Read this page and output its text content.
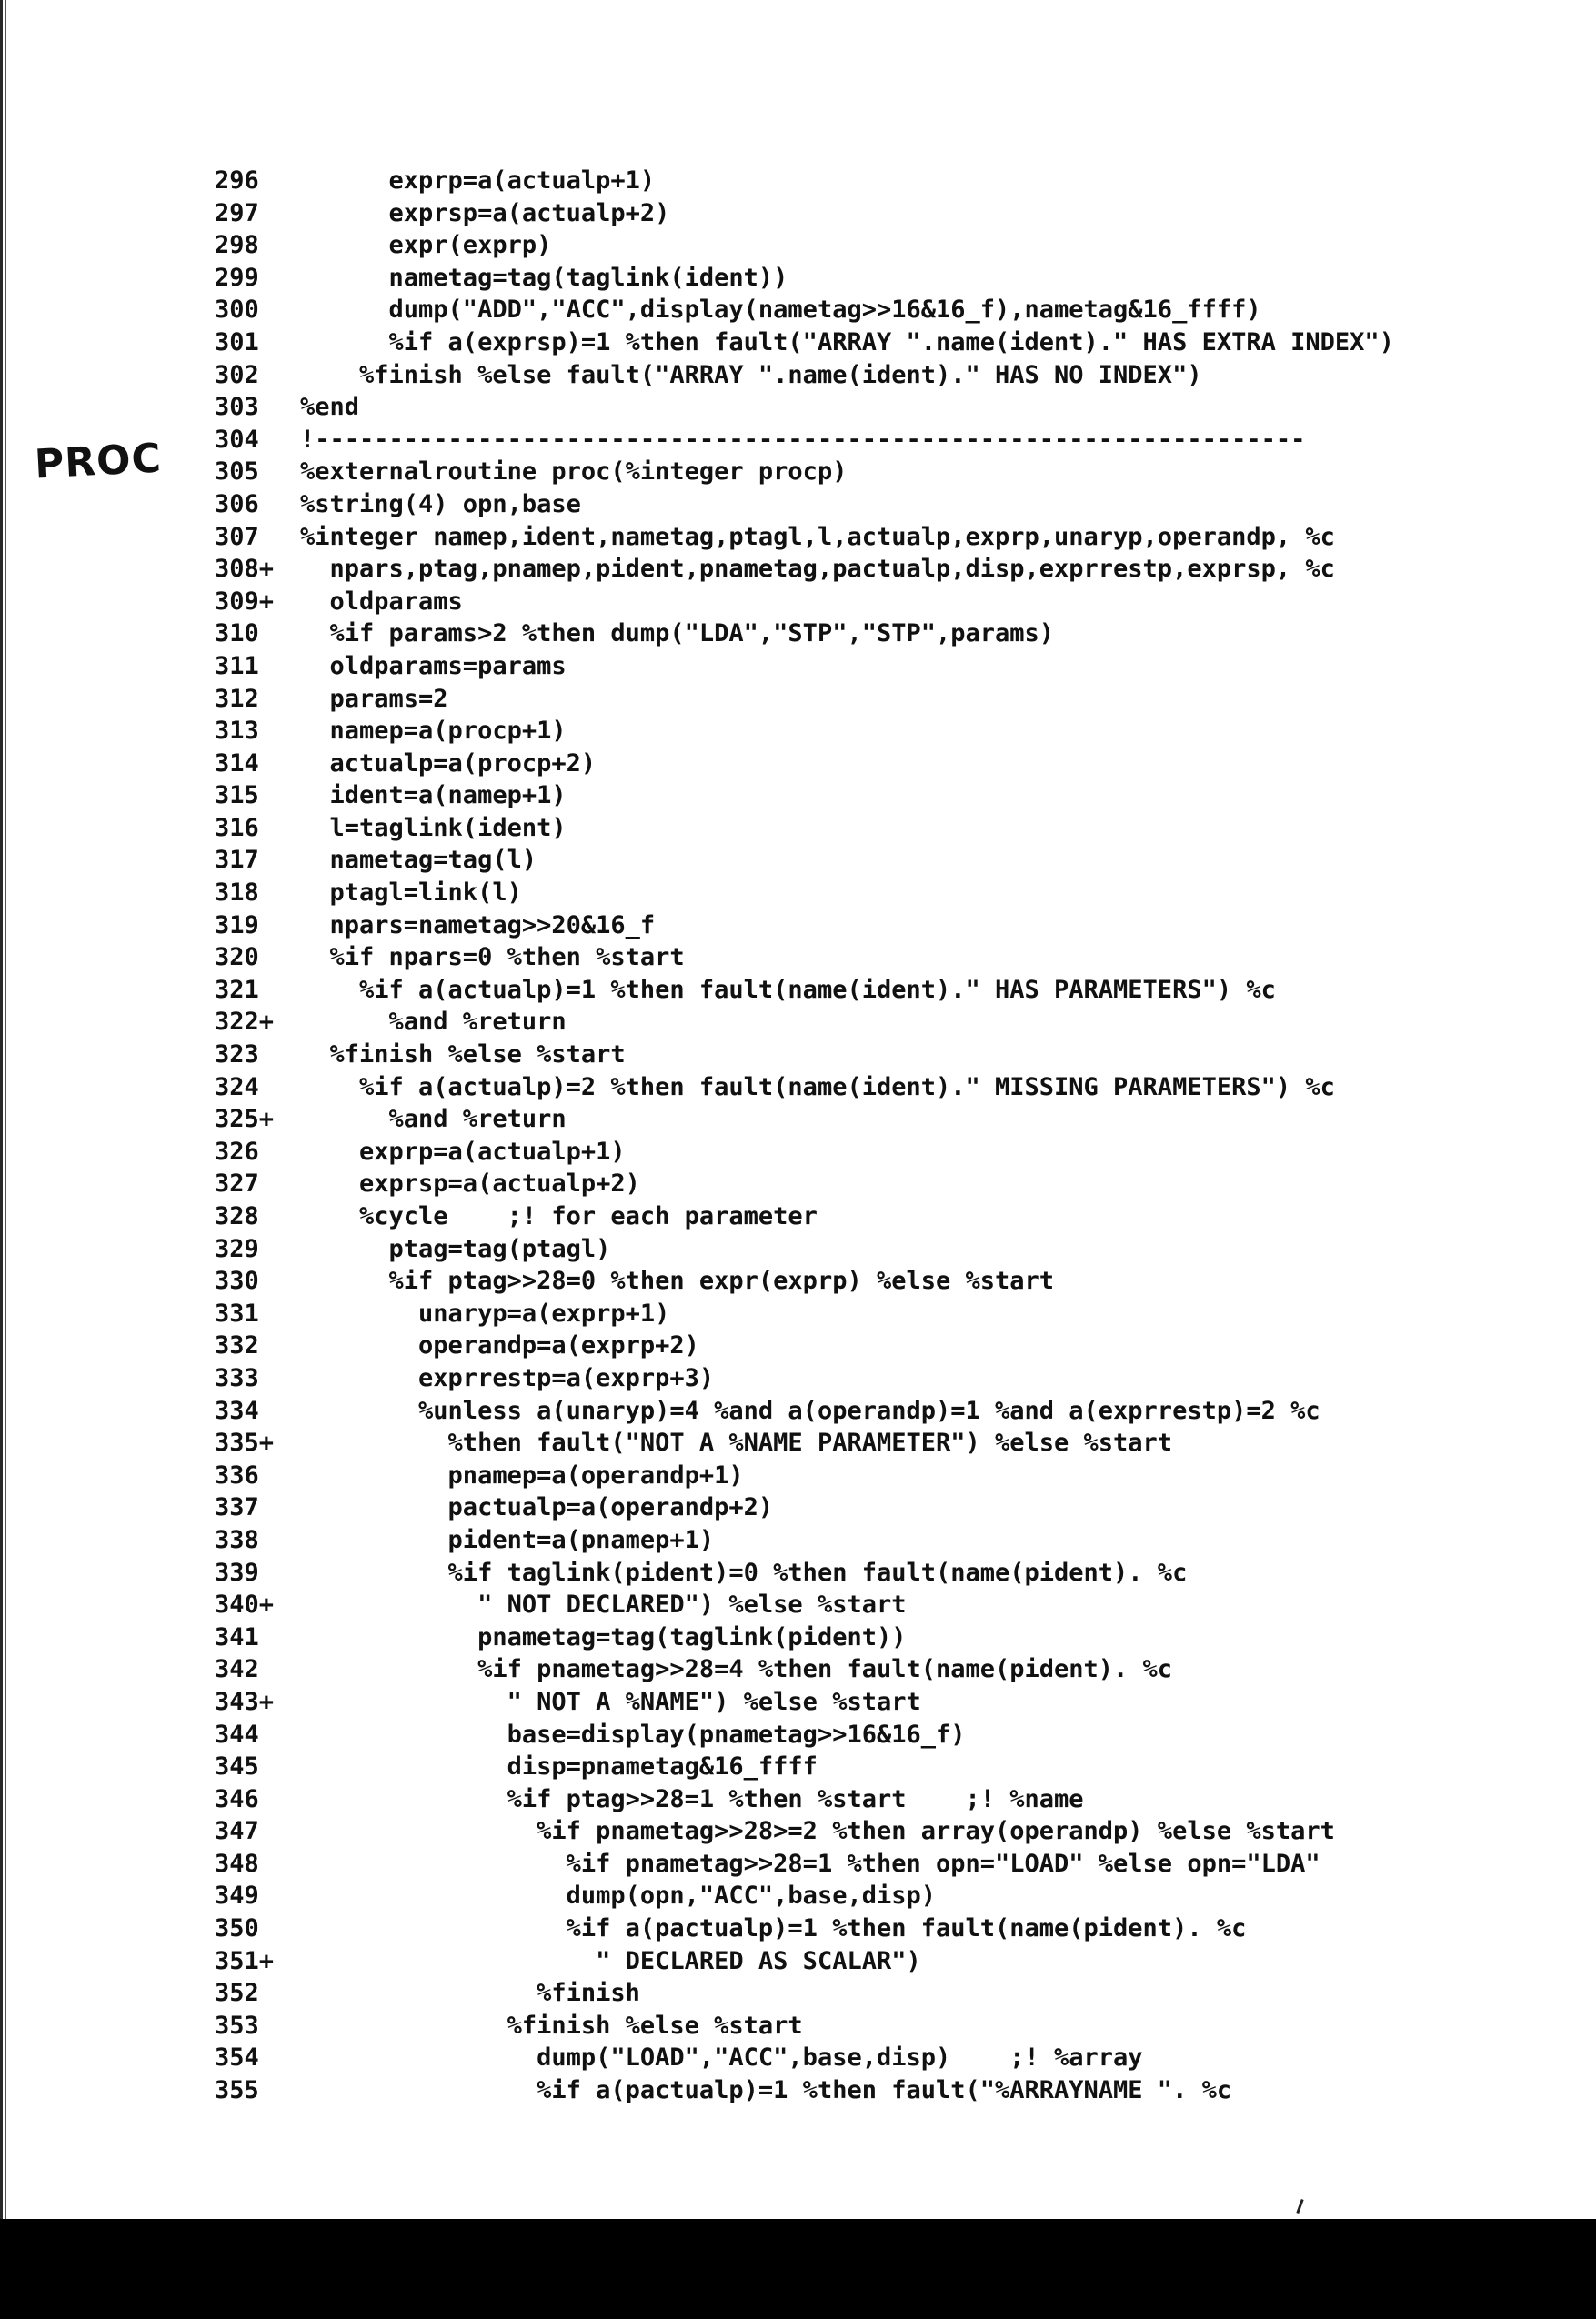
PROC
296	exprp=a(actualp+1)
297	exprsp=a(actualp+2)
298	expr(exprp)
299	nametag=tag(taglink(ident))
300	dump("ADD","ACC",display(nametag>>16&16_f),nametag&16_ffff)
301	%if a(exprsp)=1 %then fault("ARRAY ".name(ident)." HAS EXTRA INDEX")
302	%finish %else fault("ARRAY ".name(ident)." HAS NO INDEX")
303	%end
304	!-------------------------------------------------------------------
305	%externalroutine proc(%integer procp)
306	%string(4) opn,base
307	%integer namep,ident,nametag,ptagl,l,actualp,exprp,unaryp,operandp, %c
308+	npars,ptag,pnamep,pident,pnametag,pactualp,disp,exprrestp,exprsp, %c
309+	oldparams
310	%if params>2 %then dump("LDA","STP","STP",params)
311	oldparams=params
312	params=2
313	namep=a(procp+1)
314	actualp=a(procp+2)
315	ident=a(namep+1)
316	l=taglink(ident)
317	nametag=tag(l)
318	ptagl=link(l)
319	npars=nametag>>20&16_f
320	%if npars=0 %then %start
321	%if a(actualp)=1 %then fault(name(ident)." HAS PARAMETERS") %c
322+	%and %return
323	%finish %else %start
324	%if a(actualp)=2 %then fault(name(ident)." MISSING PARAMETERS") %c
325+	%and %return
326	exprp=a(actualp+1)
327	exprsp=a(actualp+2)
328	%cycle    ;! for each parameter
329	ptag=tag(ptagl)
330	%if ptag>>28=0 %then expr(exprp) %else %start
331	unaryp=a(exprp+1)
332	operandp=a(exprp+2)
333	exprrestp=a(exprp+3)
334	%unless a(unaryp)=4 %and a(operandp)=1 %and a(exprrestp)=2 %c
335+	%then fault("NOT A %NAME PARAMETER") %else %start
336	pnamep=a(operandp+1)
337	pactualp=a(operandp+2)
338	pident=a(pnamep+1)
339	%if taglink(pident)=0 %then fault(name(pident). %c
340+	" NOT DECLARED") %else %start
341	pnametag=tag(taglink(pident))
342	%if pnametag>>28=4 %then fault(name(pident). %c
343+	" NOT A %NAME") %else %start
344	base=display(pnametag>>16&16_f)
345	disp=pnametag&16_ffff
346	%if ptag>>28=1 %then %start    ;! %name
347	%if pnametag>>28>=2 %then array(operandp) %else %start
348	%if pnametag>>28=1 %then opn="LOAD" %else opn="LDA"
349	dump(opn,"ACC",base,disp)
350	%if a(pactualp)=1 %then fault(name(pident). %c
351+	" DECLARED AS SCALAR")
352	%finish
353	%finish %else %start
354	dump("LOAD","ACC",base,disp)    ;! %array
355	%if a(pactualp)=1 %then fault("%ARRAYNAME ". %c
